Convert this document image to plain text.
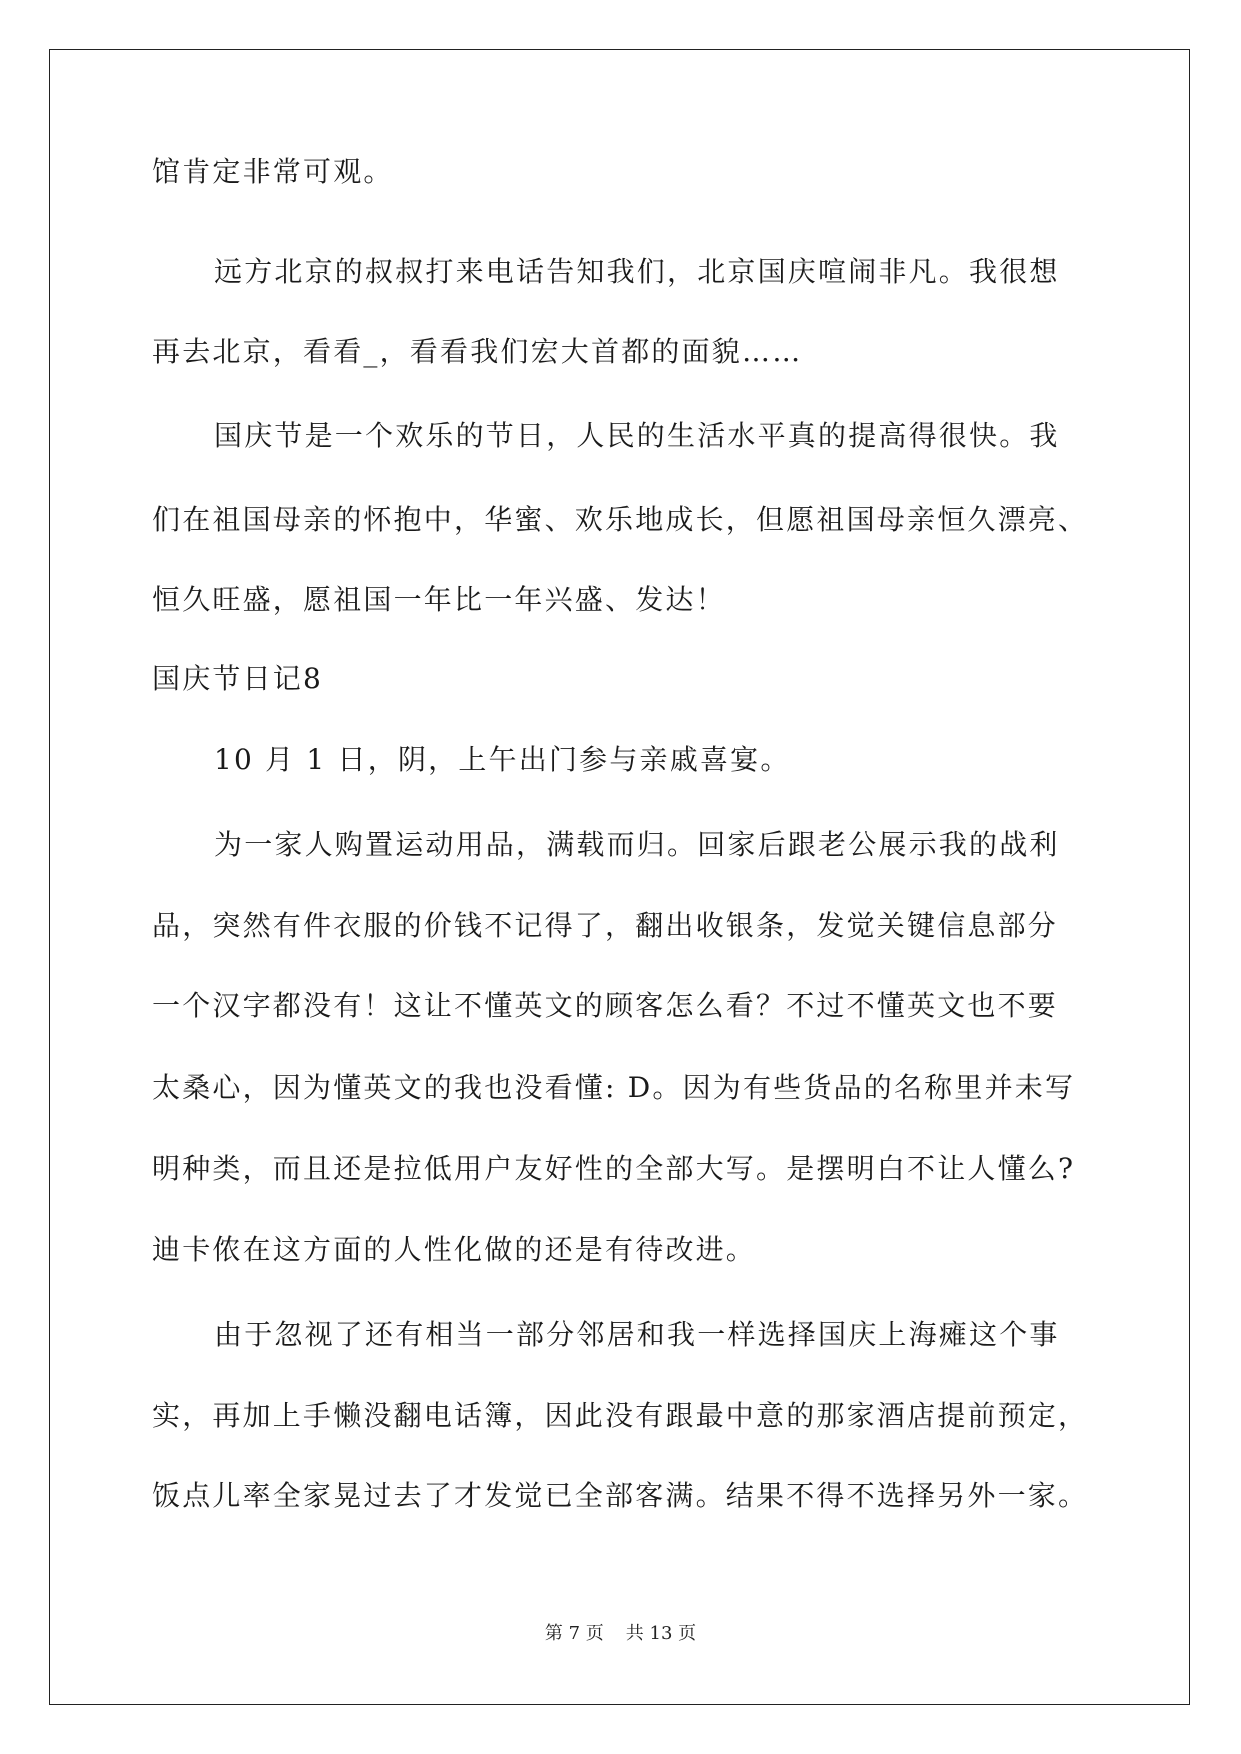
馆肯定非常可观。
远方北京的叔叔打来电话告知我们，北京国庆喧闹非凡。我很想
再去北京，看看_，看看我们宏大首都的面貌……
国庆节是一个欢乐的节日，人民的生活水平真的提高得很快。我
们在祖国母亲的怀抱中，华蜜、欢乐地成长，但愿祖国母亲恒久漂亮、
恒久旺盛，愿祖国一年比一年兴盛、发达！
国庆节日记8
10 月 1 日，阴，上午出门参与亲戚喜宴。
为一家人购置运动用品，满载而归。回家后跟老公展示我的战利
品，突然有件衣服的价钱不记得了，翻出收银条，发觉关键信息部分
一个汉字都没有！这让不懂英文的顾客怎么看？不过不懂英文也不要
太桑心，因为懂英文的我也没看懂: D。因为有些货品的名称里并未写
明种类，而且还是拉低用户友好性的全部大写。是摆明白不让人懂么?
迪卡侬在这方面的人性化做的还是有待改进。
由于忽视了还有相当一部分邻居和我一样选择国庆上海瘫这个事
实，再加上手懒没翻电话簿，因此没有跟最中意的那家酒店提前预定，
饭点儿率全家晃过去了才发觉已全部客满。结果不得不选择另外一家。
第 7 页 共 13 页
